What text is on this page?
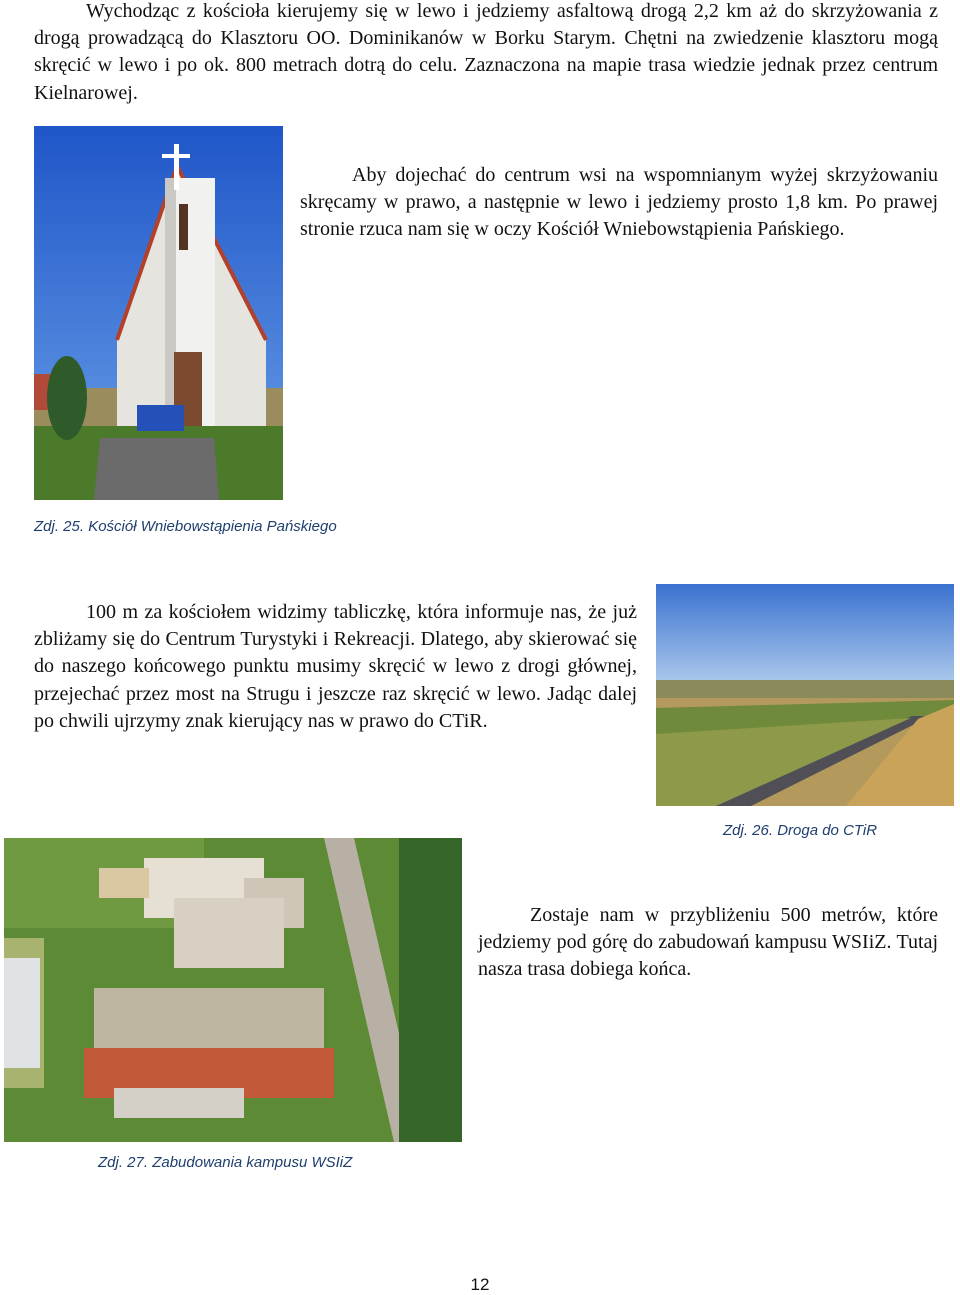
Wychodząc z kościoła kierujemy się w lewo i jedziemy asfaltową drogą 2,2 km aż do skrzyżowania z drogą prowadzącą do Klasztoru OO. Dominikanów w Borku Starym. Chętni na zwiedzenie klasztoru mogą skręcić w lewo i po ok. 800 metrach dotrą do celu. Zaznaczona na mapie trasa wiedzie jednak przez centrum Kielnarowej.

Aby dojechać do centrum wsi na wspomnianym wyżej skrzyżowaniu skręcamy w prawo, a następnie w lewo i jedziemy prosto 1,8 km. Po prawej stronie rzuca nam się w oczy Kościół Wniebowstąpienia Pańskiego.

Zdj. 25. Kościół Wniebowstąpienia Pańskiego

100 m za kościołem widzimy tabliczkę, która informuje nas, że już zbliżamy się do Centrum Turystyki i Rekreacji. Dlatego, aby skierować się do naszego końcowego punktu musimy skręcić w lewo z drogi głównej, przejechać przez most na Strugu i jeszcze raz skręcić w lewo. Jadąc dalej po chwili ujrzymy znak kierujący nas w prawo do CTiR.

Zdj. 26. Droga do CTiR

Zostaje nam w przybliżeniu 500 metrów, które jedziemy pod górę do zabudowań kampusu WSIiZ. Tutaj nasza trasa dobiega końca.

Zdj. 27. Zabudowania kampusu WSIiZ

12
